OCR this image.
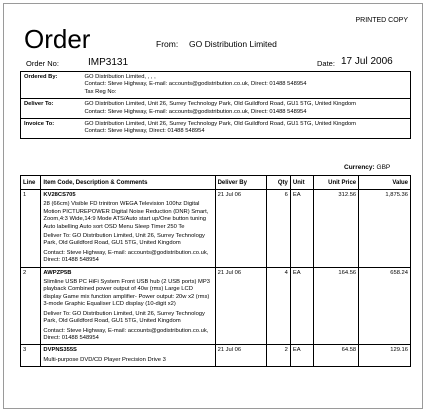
PRINTED COPY
Order	From: GO Distribution Limited
Order No:	IMP3131	Date: 17 Jul 2006
Ordered By:	GO Distribution Limited, , , ,
Contact: Steve Highway, E-mail: accounts@godistribution.co.uk, Direct: 01488 548954
Tax Reg No:

Deliver To:	GO Distribution Limited, Unit 26, Surrey Technology Park, Old Guildford Road, GU1 5TG, United Kingdom
Contact: Steve Highway, E-mail: accounts@godistribution.co.uk, Direct: 01488 548954

Invoice To:	GO Distribution Limited, Unit 26, Surrey Technology Park, Old Guildford Road, GU1 5TG, United Kingdom
Contact: Steve Highway, Direct: 01488 548954
Currency: GBP
Line	Item Code, Description & Comments	Deliver By	Qty	Unit	Unit Price	Value
1	KV28CS705
28 (66cm) Visible FD trinitron WEGA Television 100hz Digital Motion PICTUREPOWER Digital Noise Reduction (DNR) Smart, Zoom,4:3 Wide,14:9 Mode ATS/Auto start up/One button tuning Auto labelling Auto sort OSD Menu Sleep Timer 250 Te
Deliver To: GO Distribution Limited, Unit 26, Surrey Technology Park, Old Guildford Road, GU1 5TG, United Kingdom
Contact: Steve Highway, E-mail: accounts@godistribution.co.uk, Direct: 01488 548954	21 Jul 06	6	EA	312.56	1,875.36
2	AWPZP5B
Slimline USB PC HiFi System Front USB hub (2 USB ports) MP3 playback Combined power output of 40w (rms) Large LCD display Game mix function amplifier- Power output: 20w x2 (rms) 3-mode Graphic Equaliser LCD display (10-digit x2)
Deliver To: GO Distribution Limited, Unit 26, Surrey Technology Park, Old Guildford Road, GU1 5TG, United Kingdom
Contact: Steve Highway, E-mail: accounts@godistribution.co.uk, Direct: 01488 548954	21 Jul 06	4	EA	164.56	658.24
3	DVPNS355S
Multi-purpose DVD/CD Player Precision Drive 3	21 Jul 06	2	EA	64.58	129.16
